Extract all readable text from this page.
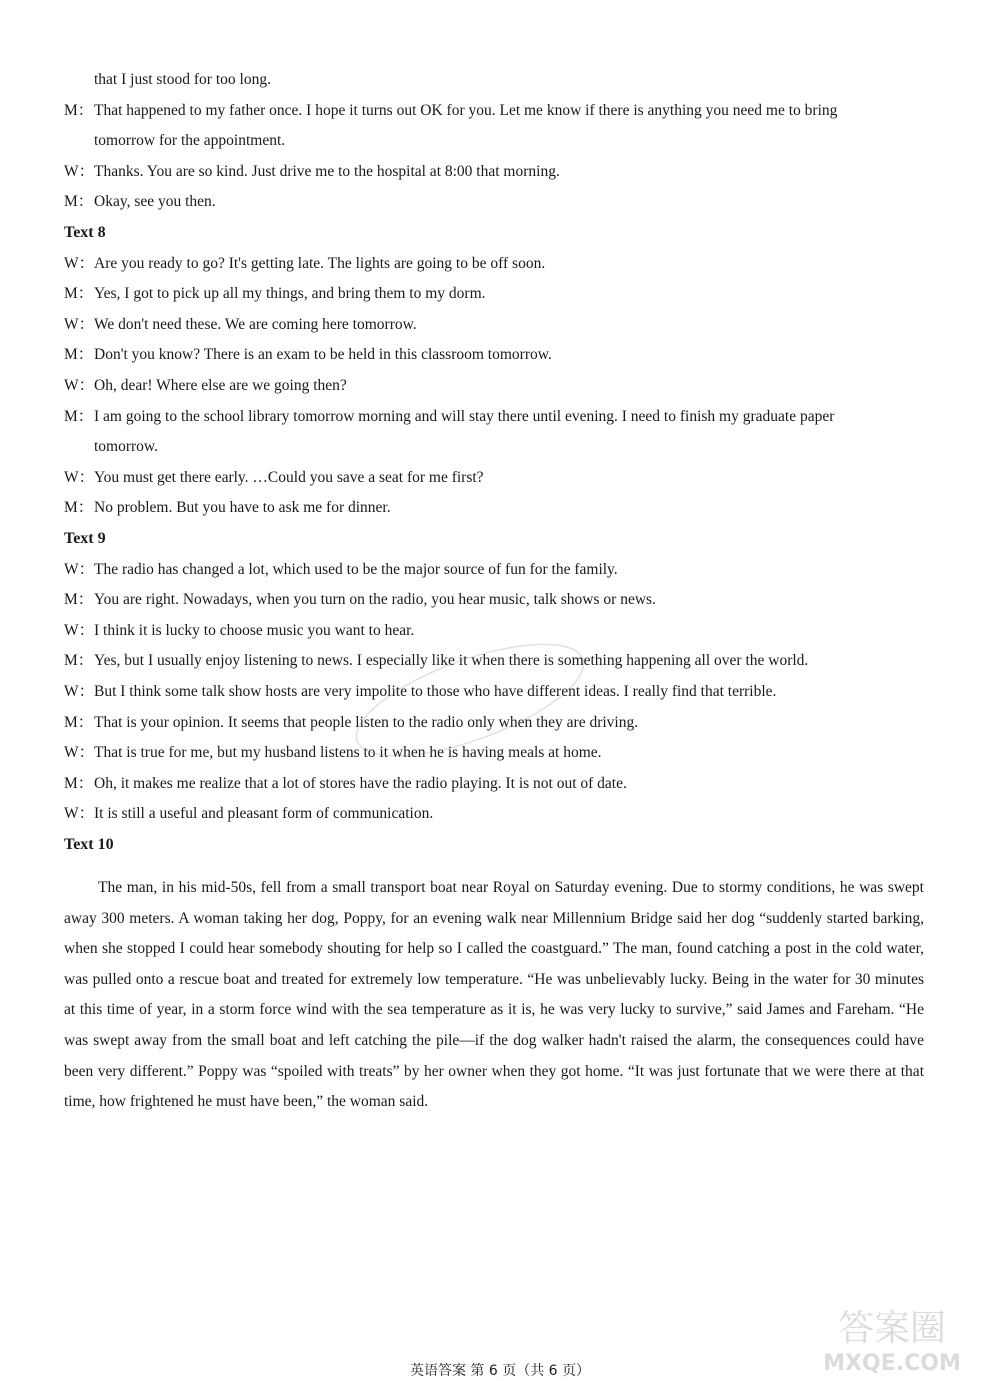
that I just stood for too long.
M：That happened to my father once. I hope it turns out OK for you. Let me know if there is anything you need me to bring
tomorrow for the appointment.
W：Thanks. You are so kind. Just drive me to the hospital at 8:00 that morning.
M：Okay, see you then.
Text 8
W：Are you ready to go? It's getting late. The lights are going to be off soon.
M：Yes, I got to pick up all my things, and bring them to my dorm.
W：We don't need these. We are coming here tomorrow.
M：Don't you know? There is an exam to be held in this classroom tomorrow.
W：Oh, dear! Where else are we going then?
M：I am going to the school library tomorrow morning and will stay there until evening. I need to finish my graduate paper
tomorrow.
W：You must get there early. …Could you save a seat for me first?
M：No problem. But you have to ask me for dinner.
Text 9
W：The radio has changed a lot, which used to be the major source of fun for the family.
M：You are right. Nowadays, when you turn on the radio, you hear music, talk shows or news.
W：I think it is lucky to choose music you want to hear.
M：Yes, but I usually enjoy listening to news. I especially like it when there is something happening all over the world.
W：But I think some talk show hosts are very impolite to those who have different ideas. I really find that terrible.
M：That is your opinion. It seems that people listen to the radio only when they are driving.
W：That is true for me, but my husband listens to it when he is having meals at home.
M：Oh, it makes me realize that a lot of stores have the radio playing. It is not out of date.
W：It is still a useful and pleasant form of communication.
Text 10
The man, in his mid-50s, fell from a small transport boat near Royal on Saturday evening. Due to stormy conditions, he was swept away 300 meters. A woman taking her dog, Poppy, for an evening walk near Millennium Bridge said her dog “suddenly started barking, when she stopped I could hear somebody shouting for help so I called the coastguard.” The man, found catching a post in the cold water, was pulled onto a rescue boat and treated for extremely low temperature. “He was unbelievably lucky. Being in the water for 30 minutes at this time of year, in a storm force wind with the sea temperature as it is, he was very lucky to survive,” said James and Fareham. “He was swept away from the small boat and left catching the pile—if the dog walker hadn't raised the alarm, the consequences could have been very different.” Poppy was “spoiled with treats” by her owner when they got home. “It was just fortunate that we were there at that time, how frightened he must have been,” the woman said.
答案圈
MXQE.COM
英语答案 第 6 页（共 6 页）
